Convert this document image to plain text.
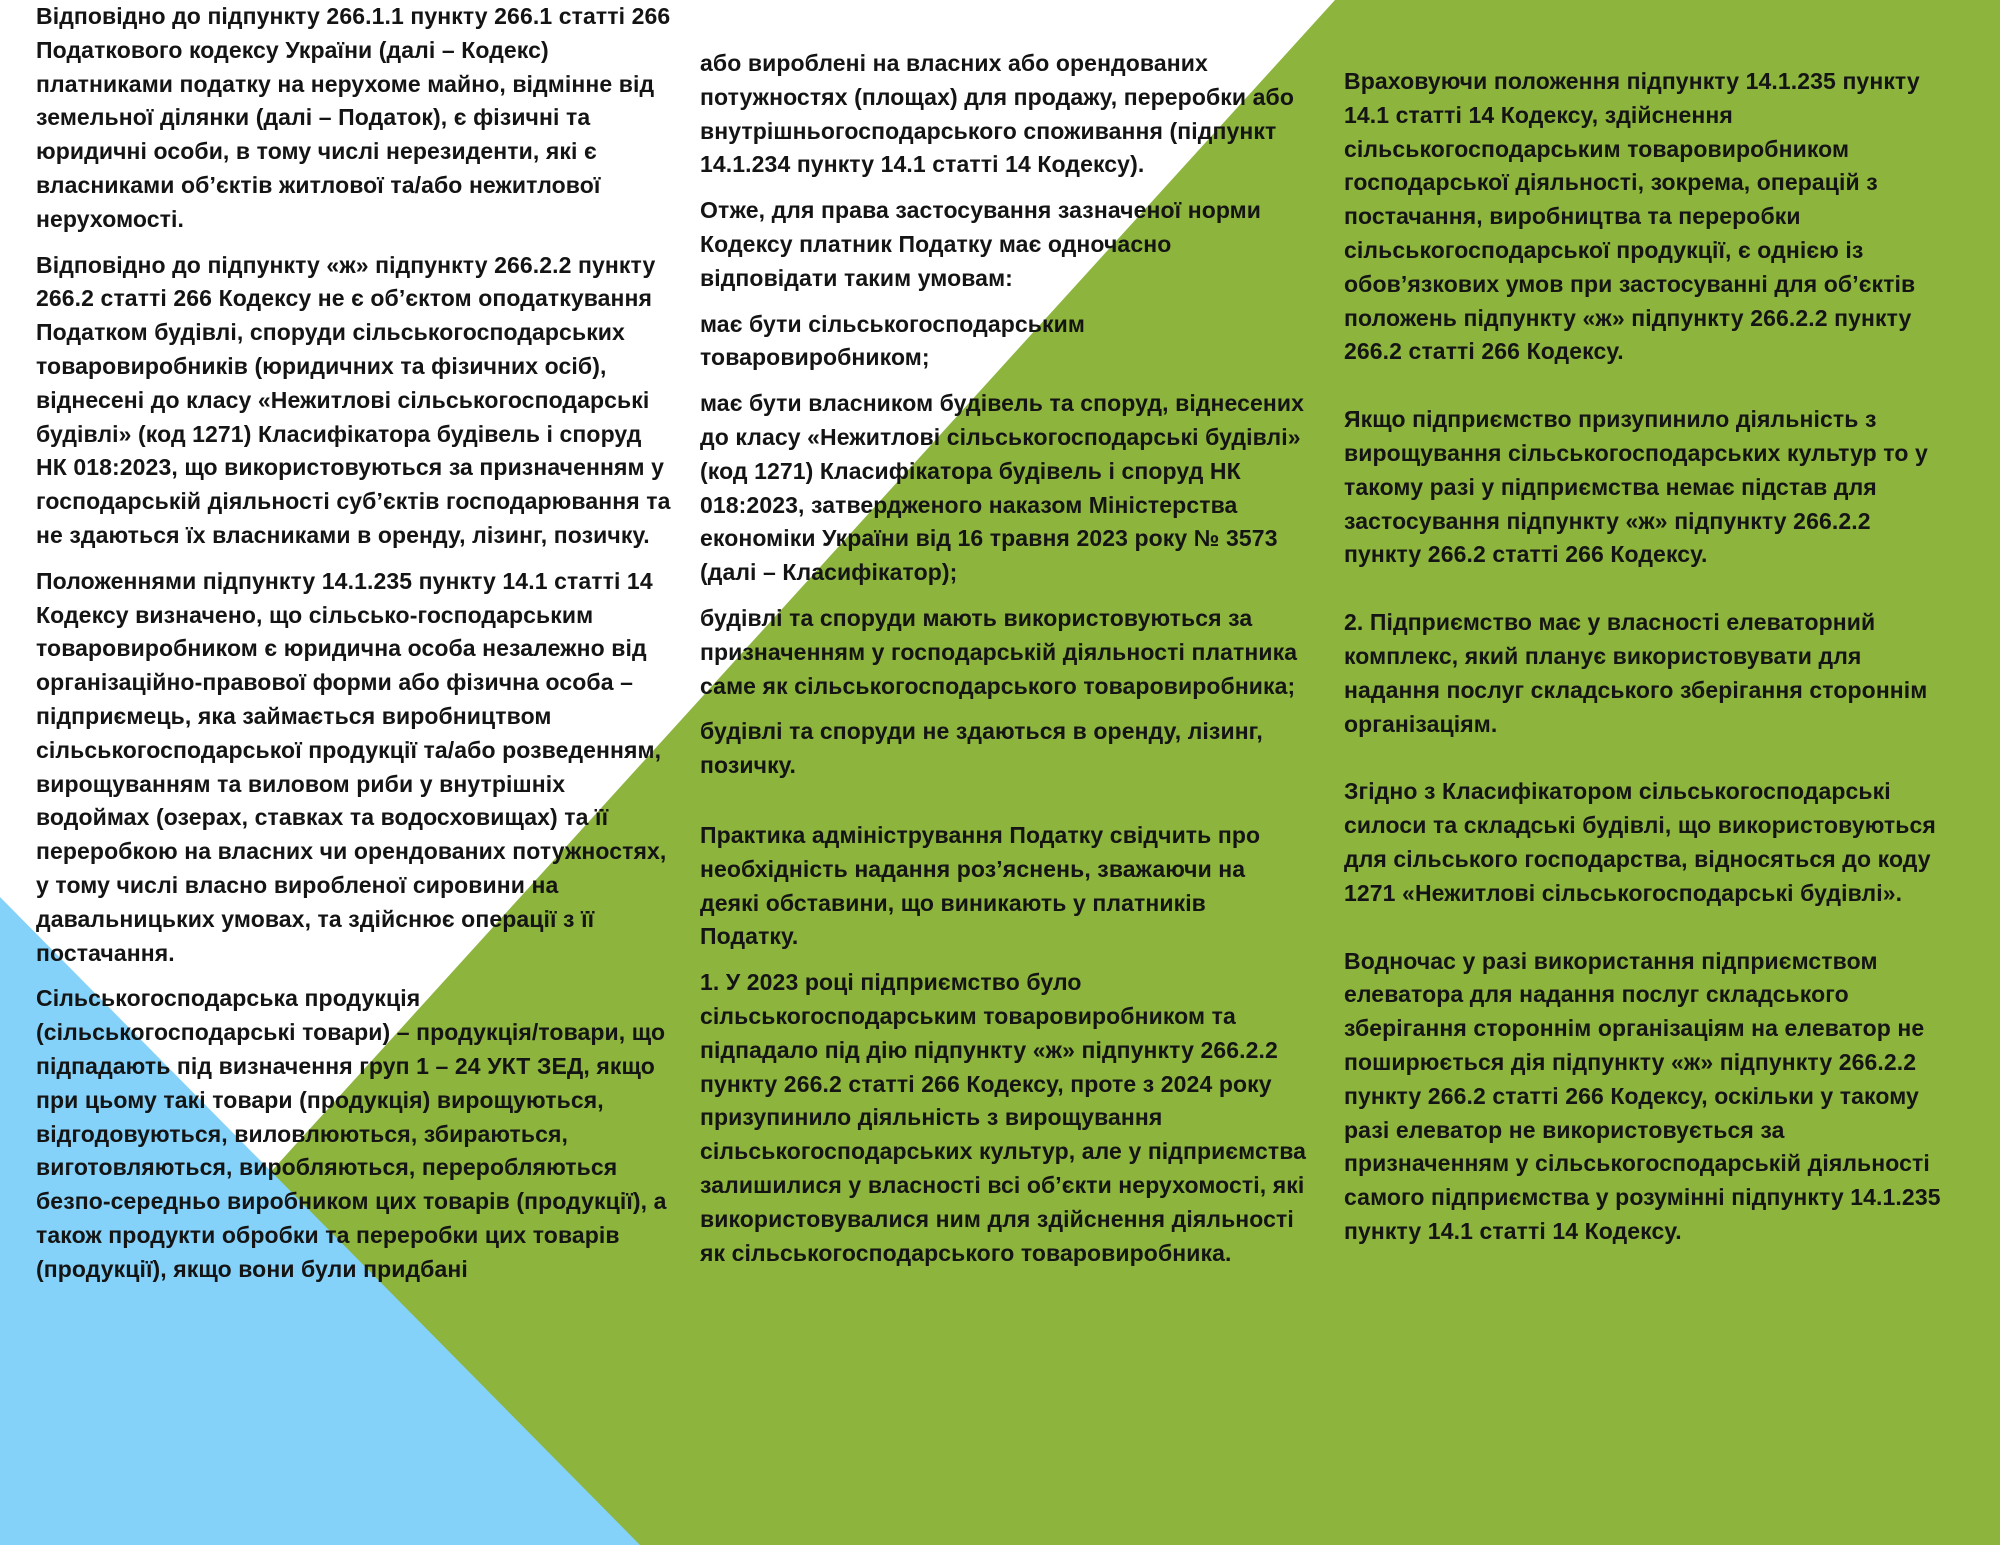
Відповідно до підпункту 266.1.1 пункту 266.1 статті 266 Податкового кодексу України (далі – Кодекс) платниками податку на нерухоме майно, відмінне від земельної ділянки (далі – Податок), є фізичні та юридичні особи, в тому числі нерезиденти, які є власниками об’єктів житлової та/або нежитлової нерухомості.

Відповідно до підпункту «ж» підпункту 266.2.2 пункту 266.2 статті 266 Кодексу не є об’єктом оподаткування Податком будівлі, споруди сільськогосподарських товаровиробників (юридичних та фізичних осіб), віднесені до класу «Нежитлові сільськогосподарські будівлі» (код 1271) Класифікатора будівель і споруд НК 018:2023, що використовуються за призначенням у господарській діяльності суб’єктів господарювання та не здаються їх власниками в оренду, лізинг, позичку.

Положеннями підпункту 14.1.235 пункту 14.1 статті 14 Кодексу визначено, що сільсько-господарським товаровиробником є юридична особа незалежно від організаційно-правової форми або фізична особа – підприємець, яка займається виробництвом сільськогосподарської продукції та/або розведенням, вирощуванням та виловом риби у внутрішніх водоймах (озерах, ставках та водосховищах) та її переробкою на власних чи орендованих потужностях, у тому числі власно виробленої сировини на давальницьких умовах, та здійснює операції з її постачання.

Сільськогосподарська продукція (сільськогосподарські товари) – продукція/товари, що підпадають під визначення груп 1 – 24 УКТ ЗЕД, якщо при цьому такі товари (продукція) вирощуються, відгодовуються, виловлюються, збираються, виготовляються, виробляються, переробляються безпо-середньо виробником цих товарів (продукції), а також продукти обробки та переробки цих товарів (продукції), якщо вони були придбані

або вироблені на власних або орендованих потужностях (площах) для продажу, переробки або внутрішньогосподарського споживання (підпункт 14.1.234 пункту 14.1 статті 14 Кодексу).

Отже, для права застосування зазначеної норми Кодексу платник Податку має одночасно відповідати таким умовам:

має бути сільськогосподарським товаровиробником;

має бути власником будівель та споруд, віднесених до класу «Нежитлові сільськогосподарські будівлі» (код 1271) Класифікатора будівель і споруд НК 018:2023, затвердженого наказом Міністерства економіки України від 16 травня 2023 року № 3573 (далі – Класифікатор);

будівлі та споруди мають використовуються за призначенням у господарській діяльності платника саме як сільськогосподарського товаровиробника;

будівлі та споруди не здаються в оренду, лізинг, позичку.

Практика адміністрування Податку свідчить про необхідність надання роз’яснень, зважаючи на деякі обставини, що виникають у платників Податку.

1. У 2023 році підприємство було сільськогосподарським товаровиробником та підпадало під дію підпункту «ж» підпункту 266.2.2 пункту 266.2 статті 266 Кодексу, проте з 2024 року призупинило діяльність з вирощування сільськогосподарських культур, але у підприємства залишилися у власності всі об’єкти нерухомості, які використовувалися ним для здійснення діяльності як сільськогосподарського товаровиробника.

Враховуючи положення підпункту 14.1.235 пункту 14.1 статті 14 Кодексу, здійснення сільськогосподарським товаровиробником господарської діяльності, зокрема, операцій з постачання, виробництва та переробки сільськогосподарської продукції, є однією із обов’язкових умов при застосуванні для об’єктів положень підпункту «ж» підпункту 266.2.2 пункту 266.2 статті 266 Кодексу.

Якщо підприємство призупинило діяльність з вирощування сільськогосподарських культур то у такому разі у підприємства немає підстав для застосування підпункту «ж» підпункту 266.2.2 пункту 266.2 статті 266 Кодексу.

2. Підприємство має у власності елеваторний комплекс, який планує використовувати для надання послуг складського зберігання стороннім організаціям.

Згідно з Класифікатором сільськогосподарські силоси та складські будівлі, що використовуються для сільського господарства, відносяться до коду 1271 «Нежитлові сільськогосподарські будівлі».

Водночас у разі використання підприємством елеватора для надання послуг складського зберігання стороннім організаціям на елеватор не поширюється дія підпункту «ж» підпункту 266.2.2 пункту 266.2 статті 266 Кодексу, оскільки у такому разі елеватор не використовується за призначенням у сільськогосподарській діяльності самого підприємства у розумінні підпункту 14.1.235 пункту 14.1 статті 14 Кодексу.
